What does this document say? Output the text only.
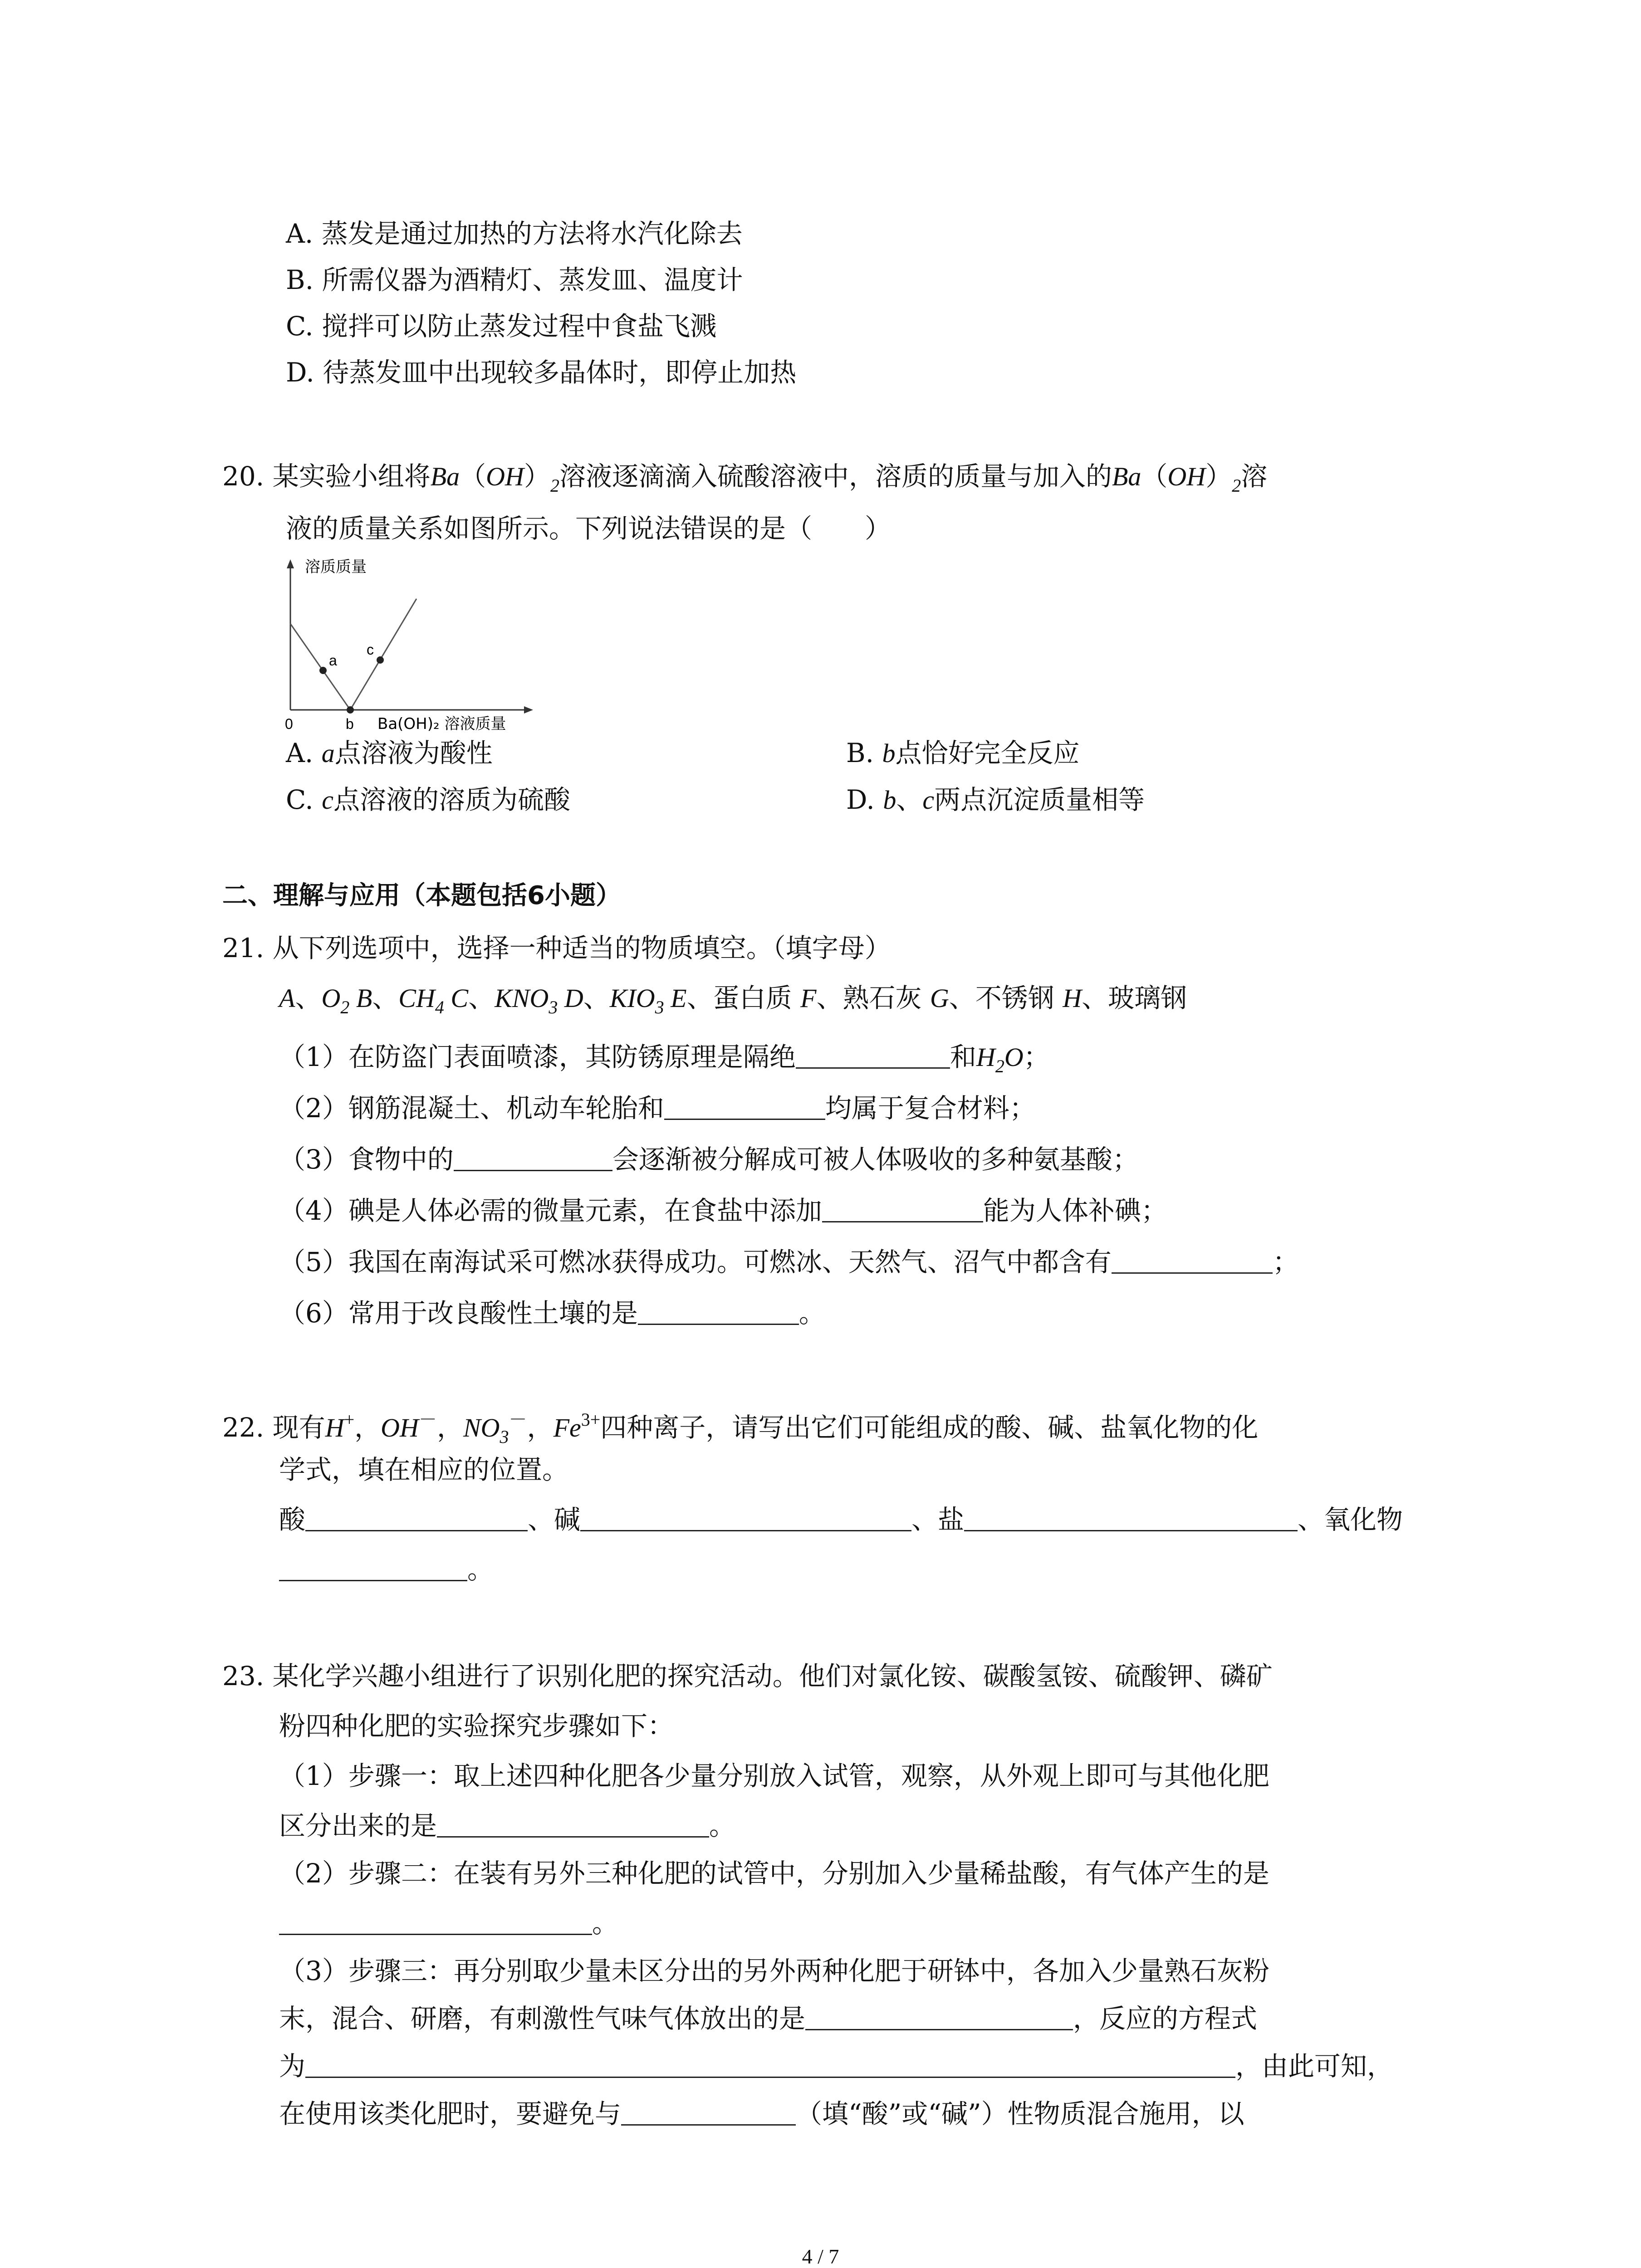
A. 蒸发是通过加热的方法将水汽化除去
B. 所需仪器为酒精灯、蒸发皿、温度计
C. 搅拌可以防止蒸发过程中食盐飞溅
D. 待蒸发皿中出现较多晶体时，即停止加热
20. 某实验小组将$Ba(OH)_2$溶液逐滴滴入硫酸溶液中，溶质的质量与加入的$Ba(OH)_2$溶
液的质量关系如图所示。下列说法错误的是（　　）
溶质质量
a
c
0	b Ba(OH)₂ 溶液质量
A. a点溶液为酸性	B. b点恰好完全反应
C. c点溶液的溶质为硫酸	D. b、c两点沉淀质量相等
二、理解与应用（本题包括6小题）
21. 从下列选项中，选择一种适当的物质填空。（填字母）
A、$O_2$ B、$CH_4$ C、$KNO_3$ D、$KIO_3$ E、蛋白质 F、熟石灰 G、不锈钢 H、玻璃钢
（1）在防盗门表面喷漆，其防锈原理是隔绝	和$H_2O$；
（2）钢筋混凝土、机动车轮胎和	均属于复合材料；
（3）食物中的	会逐渐被分解成可被人体吸收的多种氨基酸；
（4）碘是人体必需的微量元素，在食盐中添加	能为人体补碘；
（5）我国在南海试采可燃冰获得成功。可燃冰、天然气、沼气中都含有	；
（6）常用于改良酸性土壤的是	。
22. 现有H+，OH－，$NO_3^-$，$Fe^{3+}$四种离子，请写出它们可能组成的酸、碱、盐氧化物的化
学式，填在相应的位置。
酸	、碱	、盐	、氧化物
。
23. 某化学兴趣小组进行了识别化肥的探究活动。他们对氯化铵、碳酸氢铵、硫酸钾、磷矿
粉四种化肥的实验探究步骤如下：
（1）步骤一：取上述四种化肥各少量分别放入试管，观察，从外观上即可与其他化肥
区分出来的是	。
（2）步骤二：在装有另外三种化肥的试管中，分别加入少量稀盐酸，有气体产生的是
。
（3）步骤三：再分别取少量未区分出的另外两种化肥于研钵中，各加入少量熟石灰粉
末，混合、研磨，有刺激性气味气体放出的是	，反应的方程式
为	，由此可知，
在使用该类化肥时，要避免与	（填“酸”或“碱”）性物质混合施用，以
4 / 7
